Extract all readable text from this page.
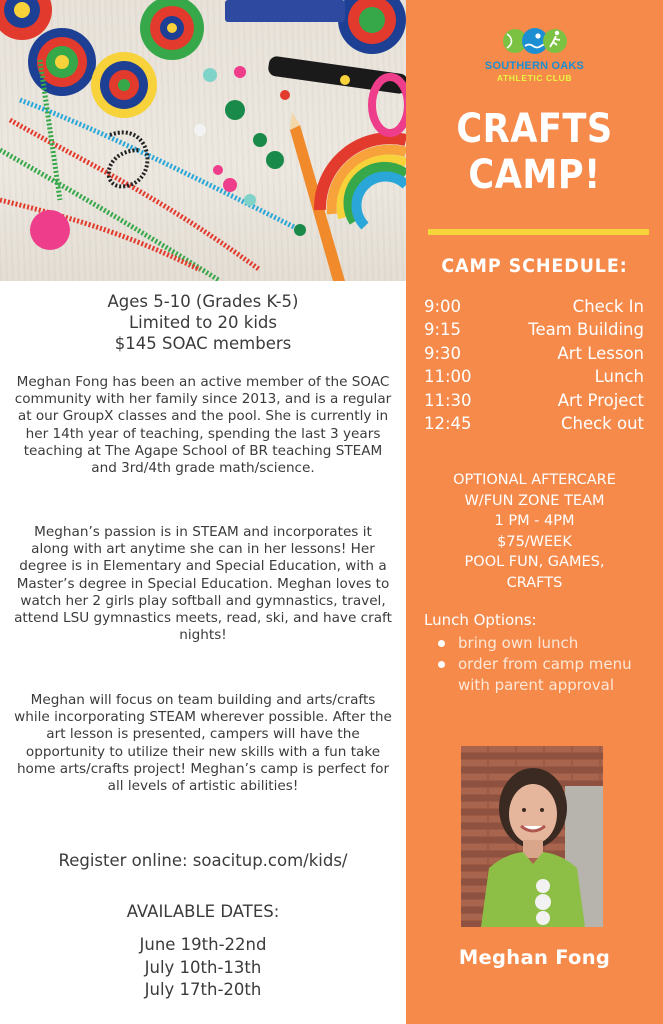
Ages 5-10 (Grades K-5)
Limited to 20 kids
$145 SOAC members
Meghan Fong has been an active member of the SOAC community with her family since 2013, and is a regular at our GroupX classes and the pool. She is currently in her 14th year of teaching, spending the last 3 years teaching at The Agape School of BR teaching STEAM and 3rd/4th grade math/science.
Meghan’s passion is in STEAM and incorporates it along with art anytime she can in her lessons! Her degree is in Elementary and Special Education, with a Master’s degree in Special Education. Meghan loves to watch her 2 girls play softball and gymnastics, travel, attend LSU gymnastics meets, read, ski, and have craft nights!
Meghan will focus on team building and arts/crafts while incorporating STEAM wherever possible. After the art lesson is presented, campers will have the opportunity to utilize their new skills with a fun take home arts/crafts project! Meghan’s camp is perfect for all levels of artistic abilities!
Register online: soacitup.com/kids/
AVAILABLE DATES:
June 19th-22nd
July 10th-13th
July 17th-20th
SOUTHERN OAKS
ATHLETIC CLUB
CRAFTS
CAMP!
CAMP SCHEDULE:
9:00	Check In
9:15	Team Building
9:30	Art Lesson
11:00	Lunch
11:30	Art Project
12:45	Check out
OPTIONAL AFTERCARE
W/FUN ZONE TEAM
1 PM - 4PM
$75/WEEK
POOL FUN, GAMES,
CRAFTS
Lunch Options:
bring own lunch
order from camp menu with parent approval
Meghan Fong
